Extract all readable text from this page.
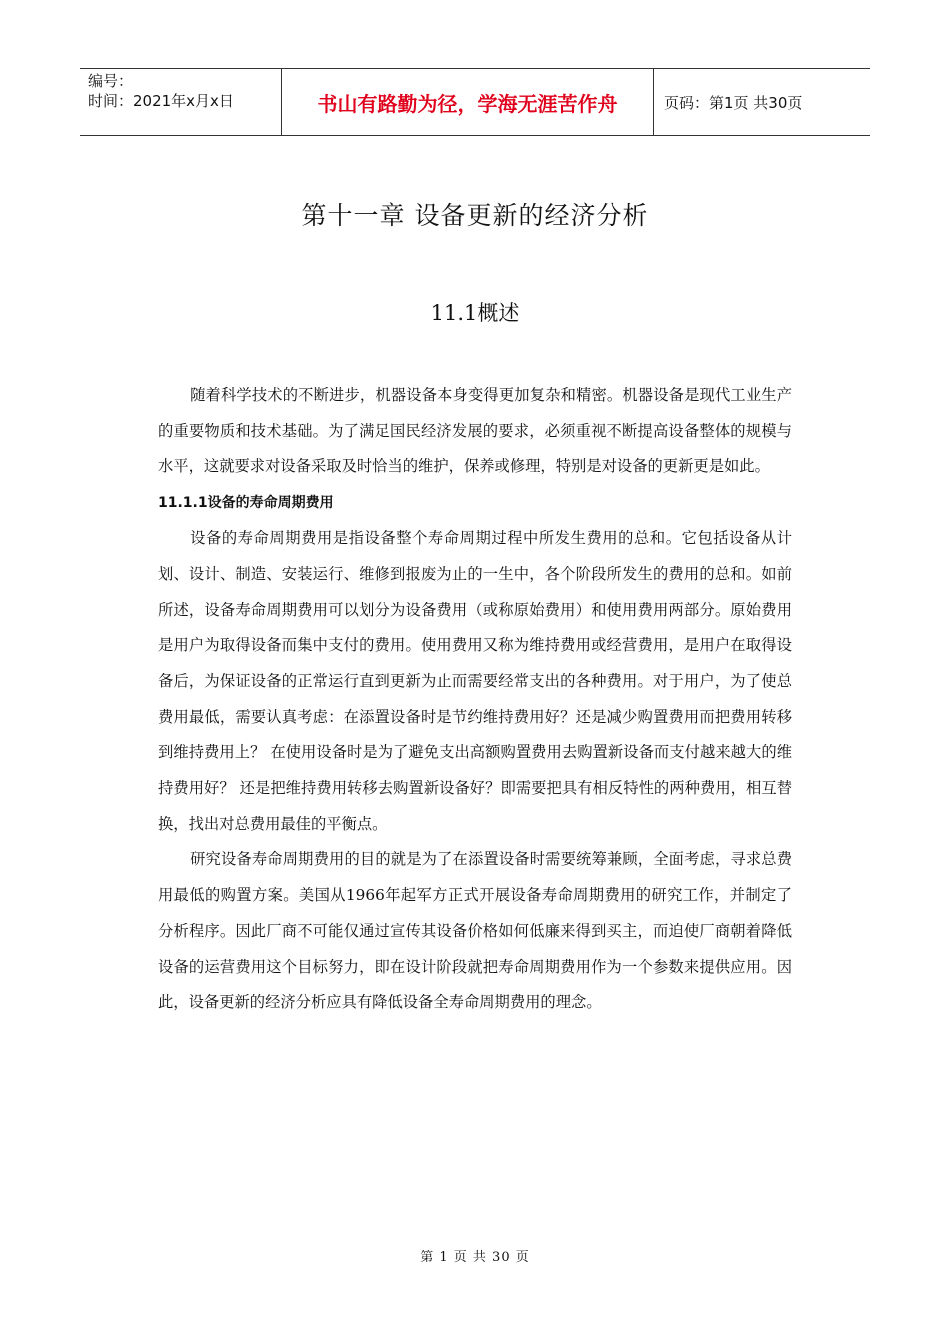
编号：
时间：2021年x月x日	书山有路勤为径，学海无涯苦作舟	页码：第1页 共30页
第十一章 设备更新的经济分析
11.1概述

随着科学技术的不断进步，机器设备本身变得更加复杂和精密。机器设备是现代工业生产的重要物质和技术基础。为了满足国民经济发展的要求，必须重视不断提高设备整体的规模与水平，这就要求对设备采取及时恰当的维护，保养或修理，特别是对设备的更新更是如此。

11.1.1设备的寿命周期费用

设备的寿命周期费用是指设备整个寿命周期过程中所发生费用的总和。它包括设备从计划、设计、制造、安装运行、维修到报废为止的一生中，各个阶段所发生的费用的总和。如前所述，设备寿命周期费用可以划分为设备费用（或称原始费用）和使用费用两部分。原始费用 是用户为取得设备而集中支付的费用。使用费用又称为维持费用或经营费用，是用户在取得设备后，为保证设备的正常运行直到更新为止而需要经常支出的各种费用。对于用户，为了使总费用最低，需要认真考虑：在添置设备时是节约维持费用好？还是减少购置费用而把费用转移到维持费用上？ 在使用设备时是为了避免支出高额购置费用去购置新设备而支付越来越大的维持费用好？ 还是把维持费用转移去购置新设备好？即需要把具有相反特性的两种费用，相互替换，找出对总费用最佳的平衡点。

研究设备寿命周期费用的目的就是为了在添置设备时需要统筹兼顾，全面考虑，寻求总费用最低的购置方案。美国从1966年起军方正式开展设备寿命周期费用的研究工作，并制定了分析程序。因此厂商不可能仅通过宣传其设备价格如何低廉来得到买主，而迫使厂商朝着降低设备的运营费用这个目标努力，即在设计阶段就把寿命周期费用作为一个参数来提供应用。因此，设备更新的经济分析应具有降低设备全寿命周期费用的理念。

第 1 页 共 30 页
